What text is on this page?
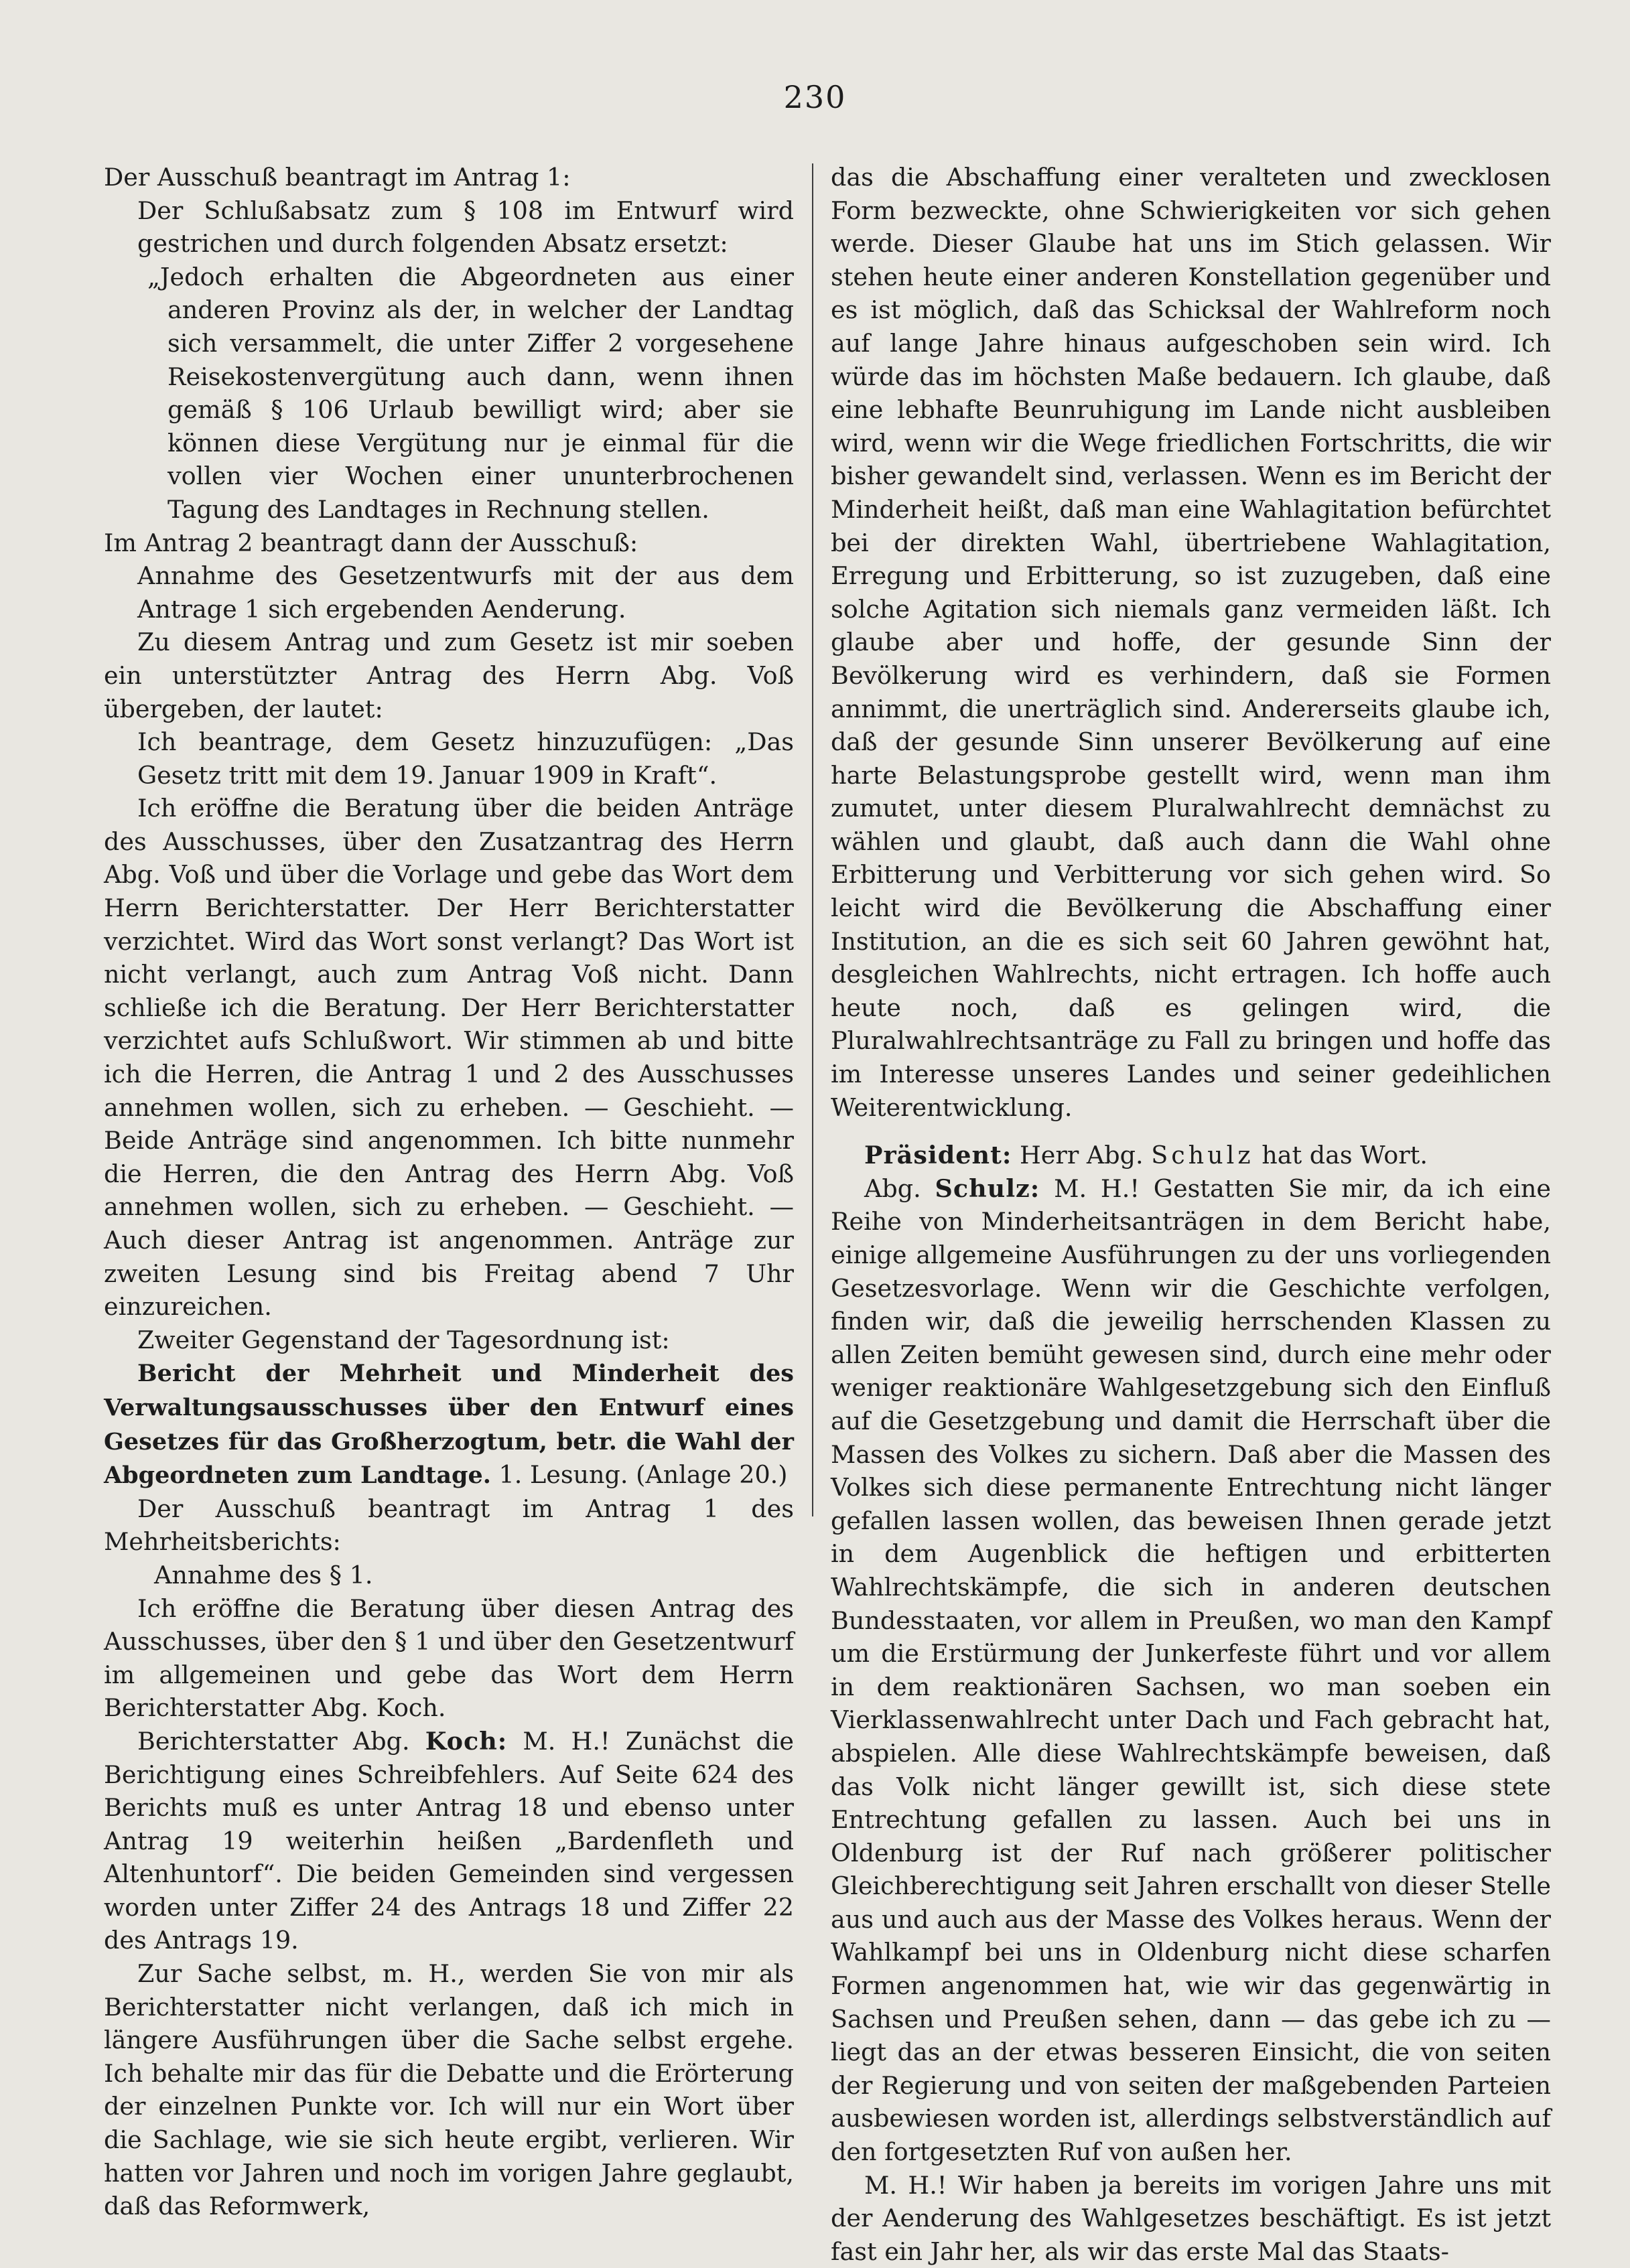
230

Der Ausschuß beantragt im Antrag 1:

Der Schlußabsatz zum § 108 im Entwurf wird gestrichen und durch folgenden Absatz ersetzt:

„Jedoch erhalten die Abgeordneten aus einer anderen Provinz als der, in welcher der Landtag sich versammelt, die unter Ziffer 2 vorgesehene Reisekostenvergütung auch dann, wenn ihnen gemäß § 106 Urlaub bewilligt wird; aber sie können diese Vergütung nur je einmal für die vollen vier Wochen einer ununterbrochenen Tagung des Landtages in Rechnung stellen.

Im Antrag 2 beantragt dann der Ausschuß:

Annahme des Gesetzentwurfs mit der aus dem Antrage 1 sich ergebenden Aenderung.

Zu diesem Antrag und zum Gesetz ist mir soeben ein unterstützter Antrag des Herrn Abg. Voß übergeben, der lautet:

Ich beantrage, dem Gesetz hinzuzufügen: „Das Gesetz tritt mit dem 19. Januar 1909 in Kraft“.

Ich eröffne die Beratung über die beiden Anträge des Ausschusses, über den Zusatzantrag des Herrn Abg. Voß und über die Vorlage und gebe das Wort dem Herrn Berichterstatter. Der Herr Berichterstatter verzichtet. Wird das Wort sonst verlangt? Das Wort ist nicht verlangt, auch zum Antrag Voß nicht. Dann schließe ich die Beratung. Der Herr Berichterstatter verzichtet aufs Schlußwort. Wir stimmen ab und bitte ich die Herren, die Antrag 1 und 2 des Ausschusses annehmen wollen, sich zu erheben. — Geschieht. — Beide Anträge sind angenommen. Ich bitte nunmehr die Herren, die den Antrag des Herrn Abg. Voß annehmen wollen, sich zu erheben. — Geschieht. — Auch dieser Antrag ist angenommen. Anträge zur zweiten Lesung sind bis Freitag abend 7 Uhr einzureichen.

Zweiter Gegenstand der Tagesordnung ist:

Bericht der Mehrheit und Minderheit des Verwaltungsausschusses über den Entwurf eines Gesetzes für das Großherzogtum, betr. die Wahl der Abgeordneten zum Landtage. 1. Lesung. (Anlage 20.)

Der Ausschuß beantragt im Antrag 1 des Mehrheitsberichts:

Annahme des § 1.

Ich eröffne die Beratung über diesen Antrag des Ausschusses, über den § 1 und über den Gesetzentwurf im allgemeinen und gebe das Wort dem Herrn Berichterstatter Abg. Koch.

Berichterstatter Abg. Koch: M. H.! Zunächst die Berichtigung eines Schreibfehlers. Auf Seite 624 des Berichts muß es unter Antrag 18 und ebenso unter Antrag 19 weiterhin heißen „Bardenfleth und Altenhuntorf“. Die beiden Gemeinden sind vergessen worden unter Ziffer 24 des Antrags 18 und Ziffer 22 des Antrags 19.

Zur Sache selbst, m. H., werden Sie von mir als Berichterstatter nicht verlangen, daß ich mich in längere Ausführungen über die Sache selbst ergehe. Ich behalte mir das für die Debatte und die Erörterung der einzelnen Punkte vor. Ich will nur ein Wort über die Sachlage, wie sie sich heute ergibt, verlieren. Wir hatten vor Jahren und noch im vorigen Jahre geglaubt, daß das Reformwerk,

das die Abschaffung einer veralteten und zwecklosen Form bezweckte, ohne Schwierigkeiten vor sich gehen werde. Dieser Glaube hat uns im Stich gelassen. Wir stehen heute einer anderen Konstellation gegenüber und es ist möglich, daß das Schicksal der Wahlreform noch auf lange Jahre hinaus aufgeschoben sein wird. Ich würde das im höchsten Maße bedauern. Ich glaube, daß eine lebhafte Beunruhigung im Lande nicht ausbleiben wird, wenn wir die Wege friedlichen Fortschritts, die wir bisher gewandelt sind, verlassen. Wenn es im Bericht der Minderheit heißt, daß man eine Wahlagitation befürchtet bei der direkten Wahl, übertriebene Wahlagitation, Erregung und Erbitterung, so ist zuzugeben, daß eine solche Agitation sich niemals ganz vermeiden läßt. Ich glaube aber und hoffe, der gesunde Sinn der Bevölkerung wird es verhindern, daß sie Formen annimmt, die unerträglich sind. Andererseits glaube ich, daß der gesunde Sinn unserer Bevölkerung auf eine harte Belastungsprobe gestellt wird, wenn man ihm zumutet, unter diesem Pluralwahlrecht demnächst zu wählen und glaubt, daß auch dann die Wahl ohne Erbitterung und Verbitterung vor sich gehen wird. So leicht wird die Bevölkerung die Abschaffung einer Institution, an die es sich seit 60 Jahren gewöhnt hat, desgleichen Wahlrechts, nicht ertragen. Ich hoffe auch heute noch, daß es gelingen wird, die Pluralwahlrechtsanträge zu Fall zu bringen und hoffe das im Interesse unseres Landes und seiner gedeihlichen Weiterentwicklung.

Präsident: Herr Abg. Schulz hat das Wort.

Abg. Schulz: M. H.! Gestatten Sie mir, da ich eine Reihe von Minderheitsanträgen in dem Bericht habe, einige allgemeine Ausführungen zu der uns vorliegenden Gesetzesvorlage. Wenn wir die Geschichte verfolgen, finden wir, daß die jeweilig herrschenden Klassen zu allen Zeiten bemüht gewesen sind, durch eine mehr oder weniger reaktionäre Wahlgesetzgebung sich den Einfluß auf die Gesetzgebung und damit die Herrschaft über die Massen des Volkes zu sichern. Daß aber die Massen des Volkes sich diese permanente Entrechtung nicht länger gefallen lassen wollen, das beweisen Ihnen gerade jetzt in dem Augenblick die heftigen und erbitterten Wahlrechtskämpfe, die sich in anderen deutschen Bundesstaaten, vor allem in Preußen, wo man den Kampf um die Erstürmung der Junkerfeste führt und vor allem in dem reaktionären Sachsen, wo man soeben ein Vierklassenwahlrecht unter Dach und Fach gebracht hat, abspielen. Alle diese Wahlrechtskämpfe beweisen, daß das Volk nicht länger gewillt ist, sich diese stete Entrechtung gefallen zu lassen. Auch bei uns in Oldenburg ist der Ruf nach größerer politischer Gleichberechtigung seit Jahren erschallt von dieser Stelle aus und auch aus der Masse des Volkes heraus. Wenn der Wahlkampf bei uns in Oldenburg nicht diese scharfen Formen angenommen hat, wie wir das gegenwärtig in Sachsen und Preußen sehen, dann — das gebe ich zu — liegt das an der etwas besseren Einsicht, die von seiten der Regierung und von seiten der maßgebenden Parteien ausbewiesen worden ist, allerdings selbstverständlich auf den fortgesetzten Ruf von außen her.

M. H.! Wir haben ja bereits im vorigen Jahre uns mit der Aenderung des Wahlgesetzes beschäftigt. Es ist jetzt fast ein Jahr her, als wir das erste Mal das Staats-
